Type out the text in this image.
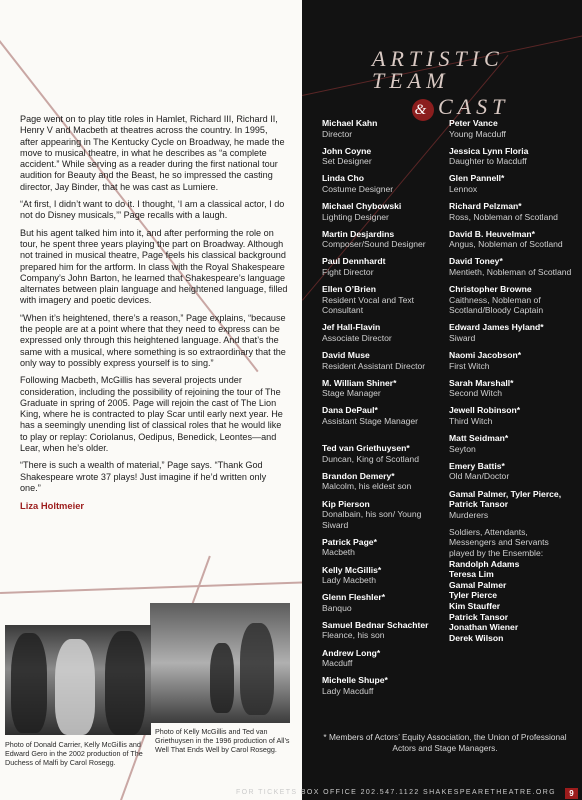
Page went on to play title roles in Hamlet, Richard III, Richard II, Henry V and Macbeth at theatres across the country. In 1995, after appearing in The Kentucky Cycle on Broadway, he made the move to musical theatre, in what he describes as “a complete accident.” While serving as a reader during the first national tour audition for Beauty and the Beast, he so impressed the casting director, Jay Binder, that he was cast as Lumiere.

“At first, I didn’t want to do it. I thought, ‘I am a classical actor, I do not do Disney musicals,’” Page recalls with a laugh.

But his agent talked him into it, and after performing the role on tour, he spent three years playing the part on Broadway. Although not trained in musical theatre, Page feels his classical background prepared him for the artform. In class with the Royal Shakespeare Company’s John Barton, he learned that Shakespeare’s language alternates between plain language and heightened language, filled with imagery and poetic devices.

“When it’s heightened, there’s a reason,” Page explains, “because the people are at a point where that they need to express can be expressed only through this heightened language. And that’s the same with a musical, where something is so extraordinary that the only way to possibly express yourself is to sing.”

Following Macbeth, McGillis has several projects under consideration, including the possibility of rejoining the tour of The Graduate in spring of 2005. Page will rejoin the cast of The Lion King, where he is contracted to play Scar until early next year. He has a seemingly unending list of classical roles that he would like to play or replay: Coriolanus, Oedipus, Benedick, Leontes—and Lear, when he’s older.

“There is such a wealth of material,” Page says. “Thank God Shakespeare wrote 37 plays! Just imagine if he’d written only one.”

Liza Holtmeier
Photo of Donald Carrier, Kelly McGillis and Edward Gero in the 2002 production of The Duchess of Malfi by Carol Rosegg.
Photo of Kelly McGillis and Ted van Griethuysen in the 1996 production of All’s Well That Ends Well by Carol Rosegg.
ARTISTIC TEAM
& CAST
Michael Kahn
Director
John Coyne
Set Designer
Linda Cho
Costume Designer
Michael Chybowski
Lighting Designer
Martin Desjardins
Composer/Sound Designer
Paul Dennhardt
Fight Director
Ellen O’Brien
Resident Vocal and Text Consultant
Jef Hall-Flavin
Associate Director
David Muse
Resident Assistant Director
M. William Shiner*
Stage Manager
Dana DePaul*
Assistant Stage Manager
Ted van Griethuysen*
Duncan, King of Scotland
Brandon Demery*
Malcolm, his eldest son
Kip Pierson
Donalbain, his son/ Young Siward
Patrick Page*
Macbeth
Kelly McGillis*
Lady Macbeth
Glenn Fleshler*
Banquo
Samuel Bednar Schachter
Fleance, his son
Andrew Long*
Macduff
Michelle Shupe*
Lady Macduff
Peter Vance
Young Macduff
Jessica Lynn Floria
Daughter to Macduff
Glen Pannell*
Lennox
Richard Pelzman*
Ross, Nobleman of Scotland
David B. Heuvelman*
Angus, Nobleman of Scotland
David Toney*
Mentieth, Nobleman of Scotland
Christopher Browne
Caithness, Nobleman of Scotland/Bloody Captain
Edward James Hyland*
Siward
Naomi Jacobson*
First Witch
Sarah Marshall*
Second Witch
Jewell Robinson*
Third Witch
Matt Seidman*
Seyton
Emery Battis*
Old Man/Doctor
Gamal Palmer, Tyler Pierce, Patrick Tansor
Murderers
Soldiers, Attendants, Messengers and Servants played by the Ensemble:
Randolph Adams
Teresa Lim
Gamal Palmer
Tyler Pierce
Kim Stauffer
Patrick Tansor
Jonathan Wiener
Derek Wilson
* Members of Actors’ Equity Association, the Union of Professional Actors and Stage Managers.
FOR TICKETS BOX OFFICE 202.547.1122 SHAKESPEARETHEATRE.ORG	9
